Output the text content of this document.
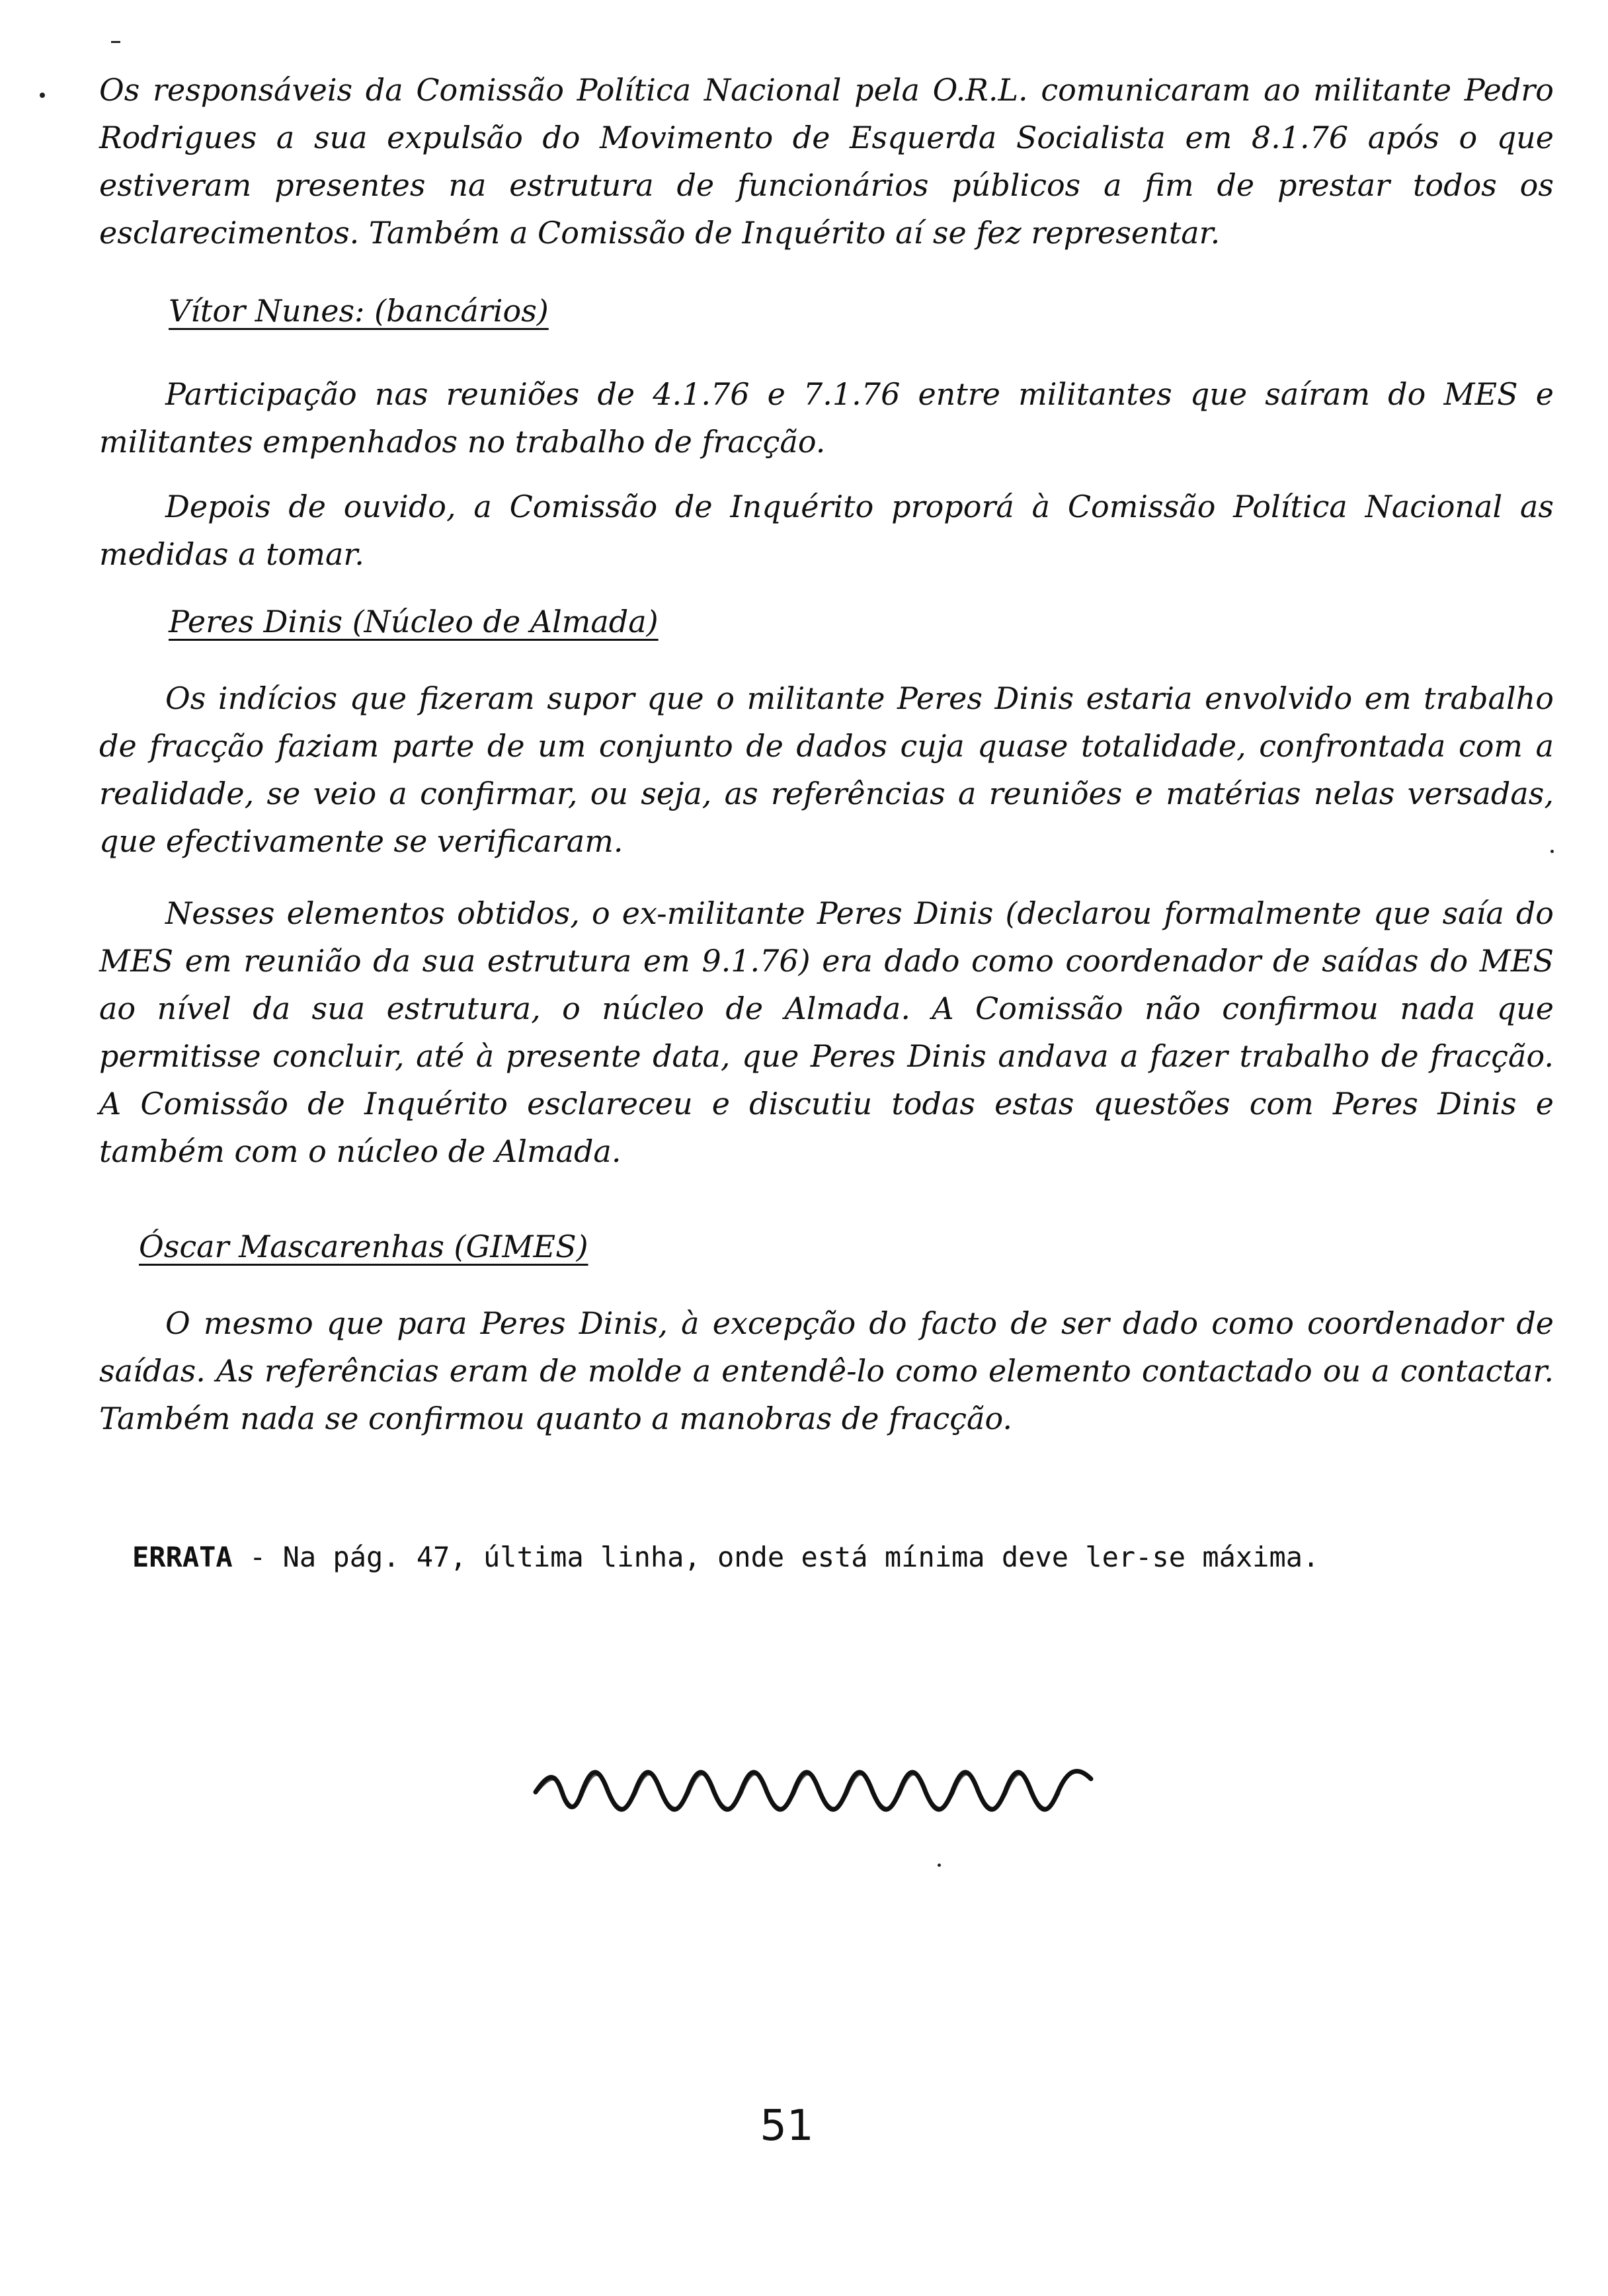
Os responsáveis da Comissão Política Nacional pela O.R.L. comunicaram ao militante Pedro Rodrigues a sua expulsão do Movimento de Esquerda Socialista em 8.1.76 após o que estiveram presentes na estrutura de funcionários públicos a fim de prestar todos os esclarecimentos. Também a Comissão de Inquérito aí se fez representar.

Vítor Nunes: (bancários)

Participação nas reuniões de 4.1.76 e 7.1.76 entre militantes que saíram do MES e militantes empenhados no trabalho de fracção.

Depois de ouvido, a Comissão de Inquérito proporá à Comissão Política Nacional as medidas a tomar.

Peres Dinis (Núcleo de Almada)

Os indícios que fizeram supor que o militante Peres Dinis estaria envolvido em trabalho de fracção faziam parte de um conjunto de dados cuja quase totalidade, confrontada com a realidade, se veio a confirmar, ou seja, as referências a reuniões e matérias nelas versadas, que efectivamente se verificaram.

Nesses elementos obtidos, o ex-militante Peres Dinis (declarou formalmente que saía do MES em reunião da sua estrutura em 9.1.76) era dado como coordenador de saídas do MES ao nível da sua estrutura, o núcleo de Almada. A Comissão não confirmou nada que permitisse concluir, até à presente data, que Peres Dinis andava a fazer trabalho de fracção. A Comissão de Inquérito esclareceu e discutiu todas estas questões com Peres Dinis e também com o núcleo de Almada.

Óscar Mascarenhas (GIMES)

O mesmo que para Peres Dinis, à excepção do facto de ser dado como coordenador de saídas. As referências eram de molde a entendê-lo como elemento contactado ou a contactar. Também nada se confirmou quanto a manobras de fracção.

ERRATA - Na pág. 47, última linha, onde está mínima deve ler-se máxima.
51
